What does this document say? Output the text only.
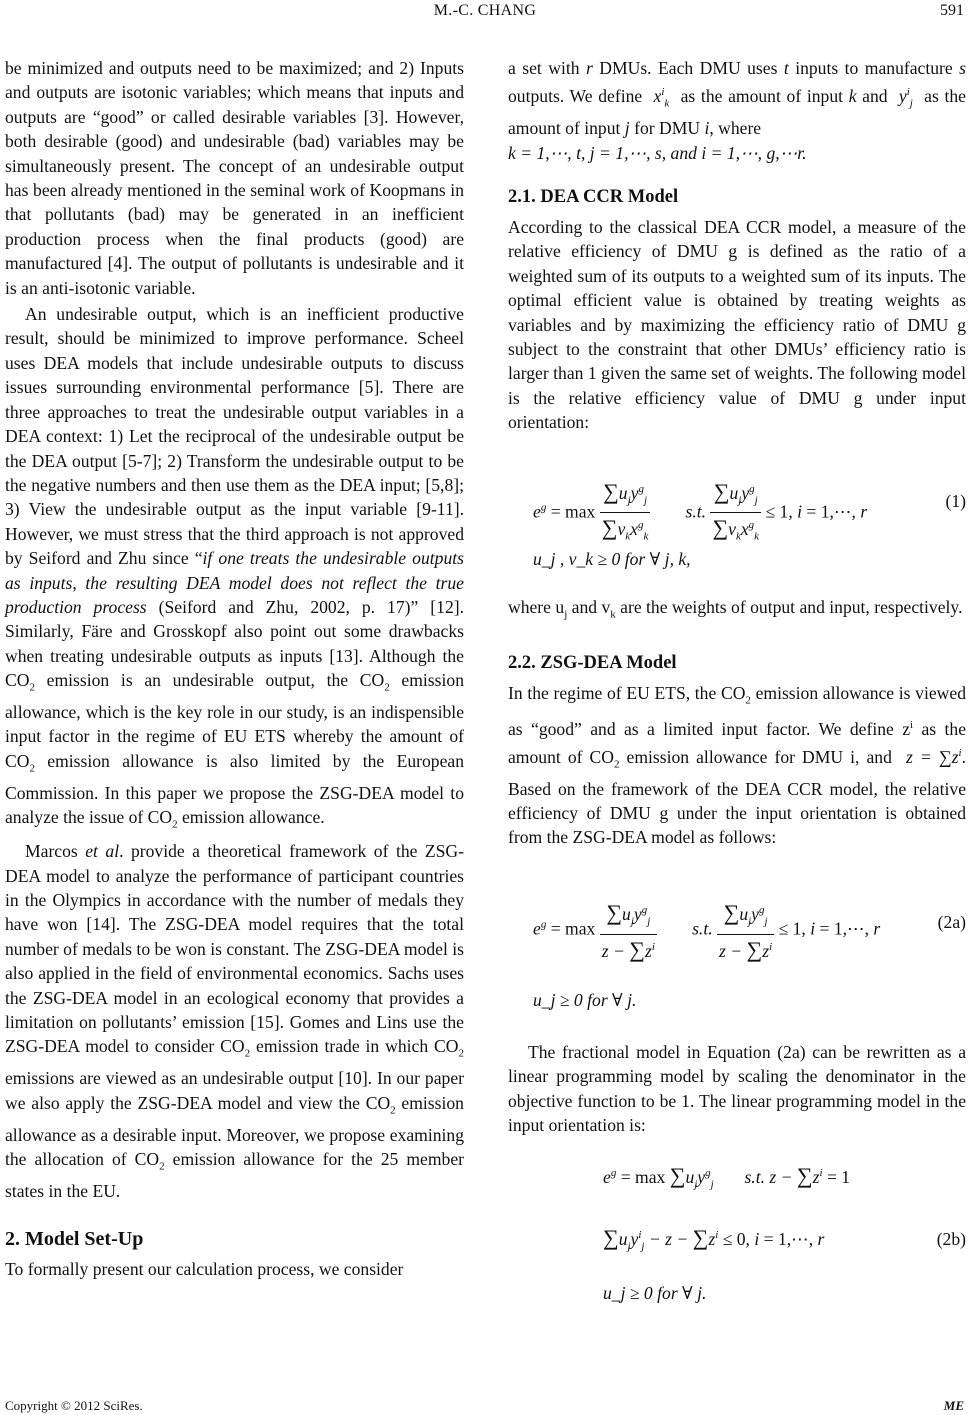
M.-C. CHANG	591

be minimized and outputs need to be maximized; and 2) Inputs and outputs are isotonic variables; which means that inputs and outputs are “good” or called desirable variables [3]. However, both desirable (good) and undesirable (bad) variables may be simultaneously present. The concept of an undesirable output has been already mentioned in the seminal work of Koopmans in that pollutants (bad) may be generated in an inefficient production process when the final products (good) are manufactured [4]. The output of pollutants is undesirable and it is an anti-isotonic variable.

An undesirable output, which is an inefficient productive result, should be minimized to improve performance. Scheel uses DEA models that include undesirable outputs to discuss issues surrounding environmental performance [5]. There are three approaches to treat the undesirable output variables in a DEA context: 1) Let the reciprocal of the undesirable output be the DEA output [5-7]; 2) Transform the undesirable output to be the negative numbers and then use them as the DEA input; [5,8]; 3) View the undesirable output as the input variable [9-11]. However, we must stress that the third approach is not approved by Seiford and Zhu since “if one treats the undesirable outputs as inputs, the resulting DEA model does not reflect the true production process (Seiford and Zhu, 2002, p. 17)” [12]. Similarly, Färe and Grosskopf also point out some drawbacks when treating undesirable outputs as inputs [13]. Although the $CO_2$ emission is an undesirable output, the $CO_2$ emission allowance, which is the key role in our study, is an indispensible input factor in the regime of EU ETS whereby the amount of $CO_2$ emission allowance is also limited by the European Commission. In this paper we propose the ZSG-DEA model to analyze the issue of $CO_2$ emission allowance.

Marcos et al. provide a theoretical framework of the ZSG-DEA model to analyze the performance of participant countries in the Olympics in accordance with the number of medals they have won [14]. The ZSG-DEA model requires that the total number of medals to be won is constant. The ZSG-DEA model is also applied in the field of environmental economics. Sachs uses the ZSG-DEA model in an ecological economy that provides a limitation on pollutants’ emission [15]. Gomes and Lins use the ZSG-DEA model to consider $CO_2$ emission trade in which $CO_2$ emissions are viewed as an undesirable output [10]. In our paper we also apply the ZSG-DEA model and view the $CO_2$ emission allowance as a desirable input. Moreover, we propose examining the allocation of $CO_2$ emission allowance for the 25 member states in the EU.

2. Model Set-Up

To formally present our calculation process, we consider

a set with r DMUs. Each DMU uses t inputs to manufacture s outputs. We define $x^i_k$ as the amount of input k and $y^i_j$ as the amount of input j for DMU i, where
k = 1,⋯, t, j = 1,⋯, s, and i = 1,⋯, g,⋯r.

2.1. DEA CCR Model

According to the classical DEA CCR model, a measure of the relative efficiency of DMU g is defined as the ratio of a weighted sum of its outputs to a weighted sum of its inputs. The optimal efficient value is obtained by treating weights as variables and by maximizing the efficiency ratio of DMU g subject to the constraint that other DMUs’ efficiency ratio is larger than 1 given the same set of weights. The following model is the relative efficiency value of DMU g under input orientation:

$e^g = \max \frac{\sum u_jy^g_j}{\sum v_kx^g_k} s.t$. $\frac{\sum u_jy^g_j}{\sum v_kx^g_k} \le 1$, i = 1,⋯, r
(1)
u_j , v_k ≥ 0 for ∀ j, k,

where $u_j$ and $v_k$ are the weights of output and input, respectively.

2.2. ZSG-DEA Model

In the regime of EU ETS, the $CO_2$ emission allowance is viewed as “good” and as a limited input factor. We define $z^i$ as the amount of $CO_2$ emission allowance for DMU i, and $z = \sum z^i$. Based on the framework of the DEA CCR model, the relative efficiency of DMU g under the input orientation is obtained from the ZSG-DEA model as follows:

$e^g = \max \frac{\sum u_jy^g_j}{z - \sum z^i} s.t$. $\frac{\sum u_jy^g_j}{z - \sum z^i} \le 1$, i = 1,⋯, r	(2a)
u_j ≥ 0 for ∀ j.

The fractional model in Equation (2a) can be rewritten as a linear programming model by scaling the denominator in the objective function to be 1. The linear programming model in the input orientation is:

$e^g = \max \sum u_jy^g_j$       s.t. $z - \sum z^i = 1$
$\sum u_jy^i_j - z - \sum z^i \le 0$, i = 1,⋯, r	(2b)
u_j ≥ 0 for ∀ j.
Copyright © 2012 SciRes.	ME
